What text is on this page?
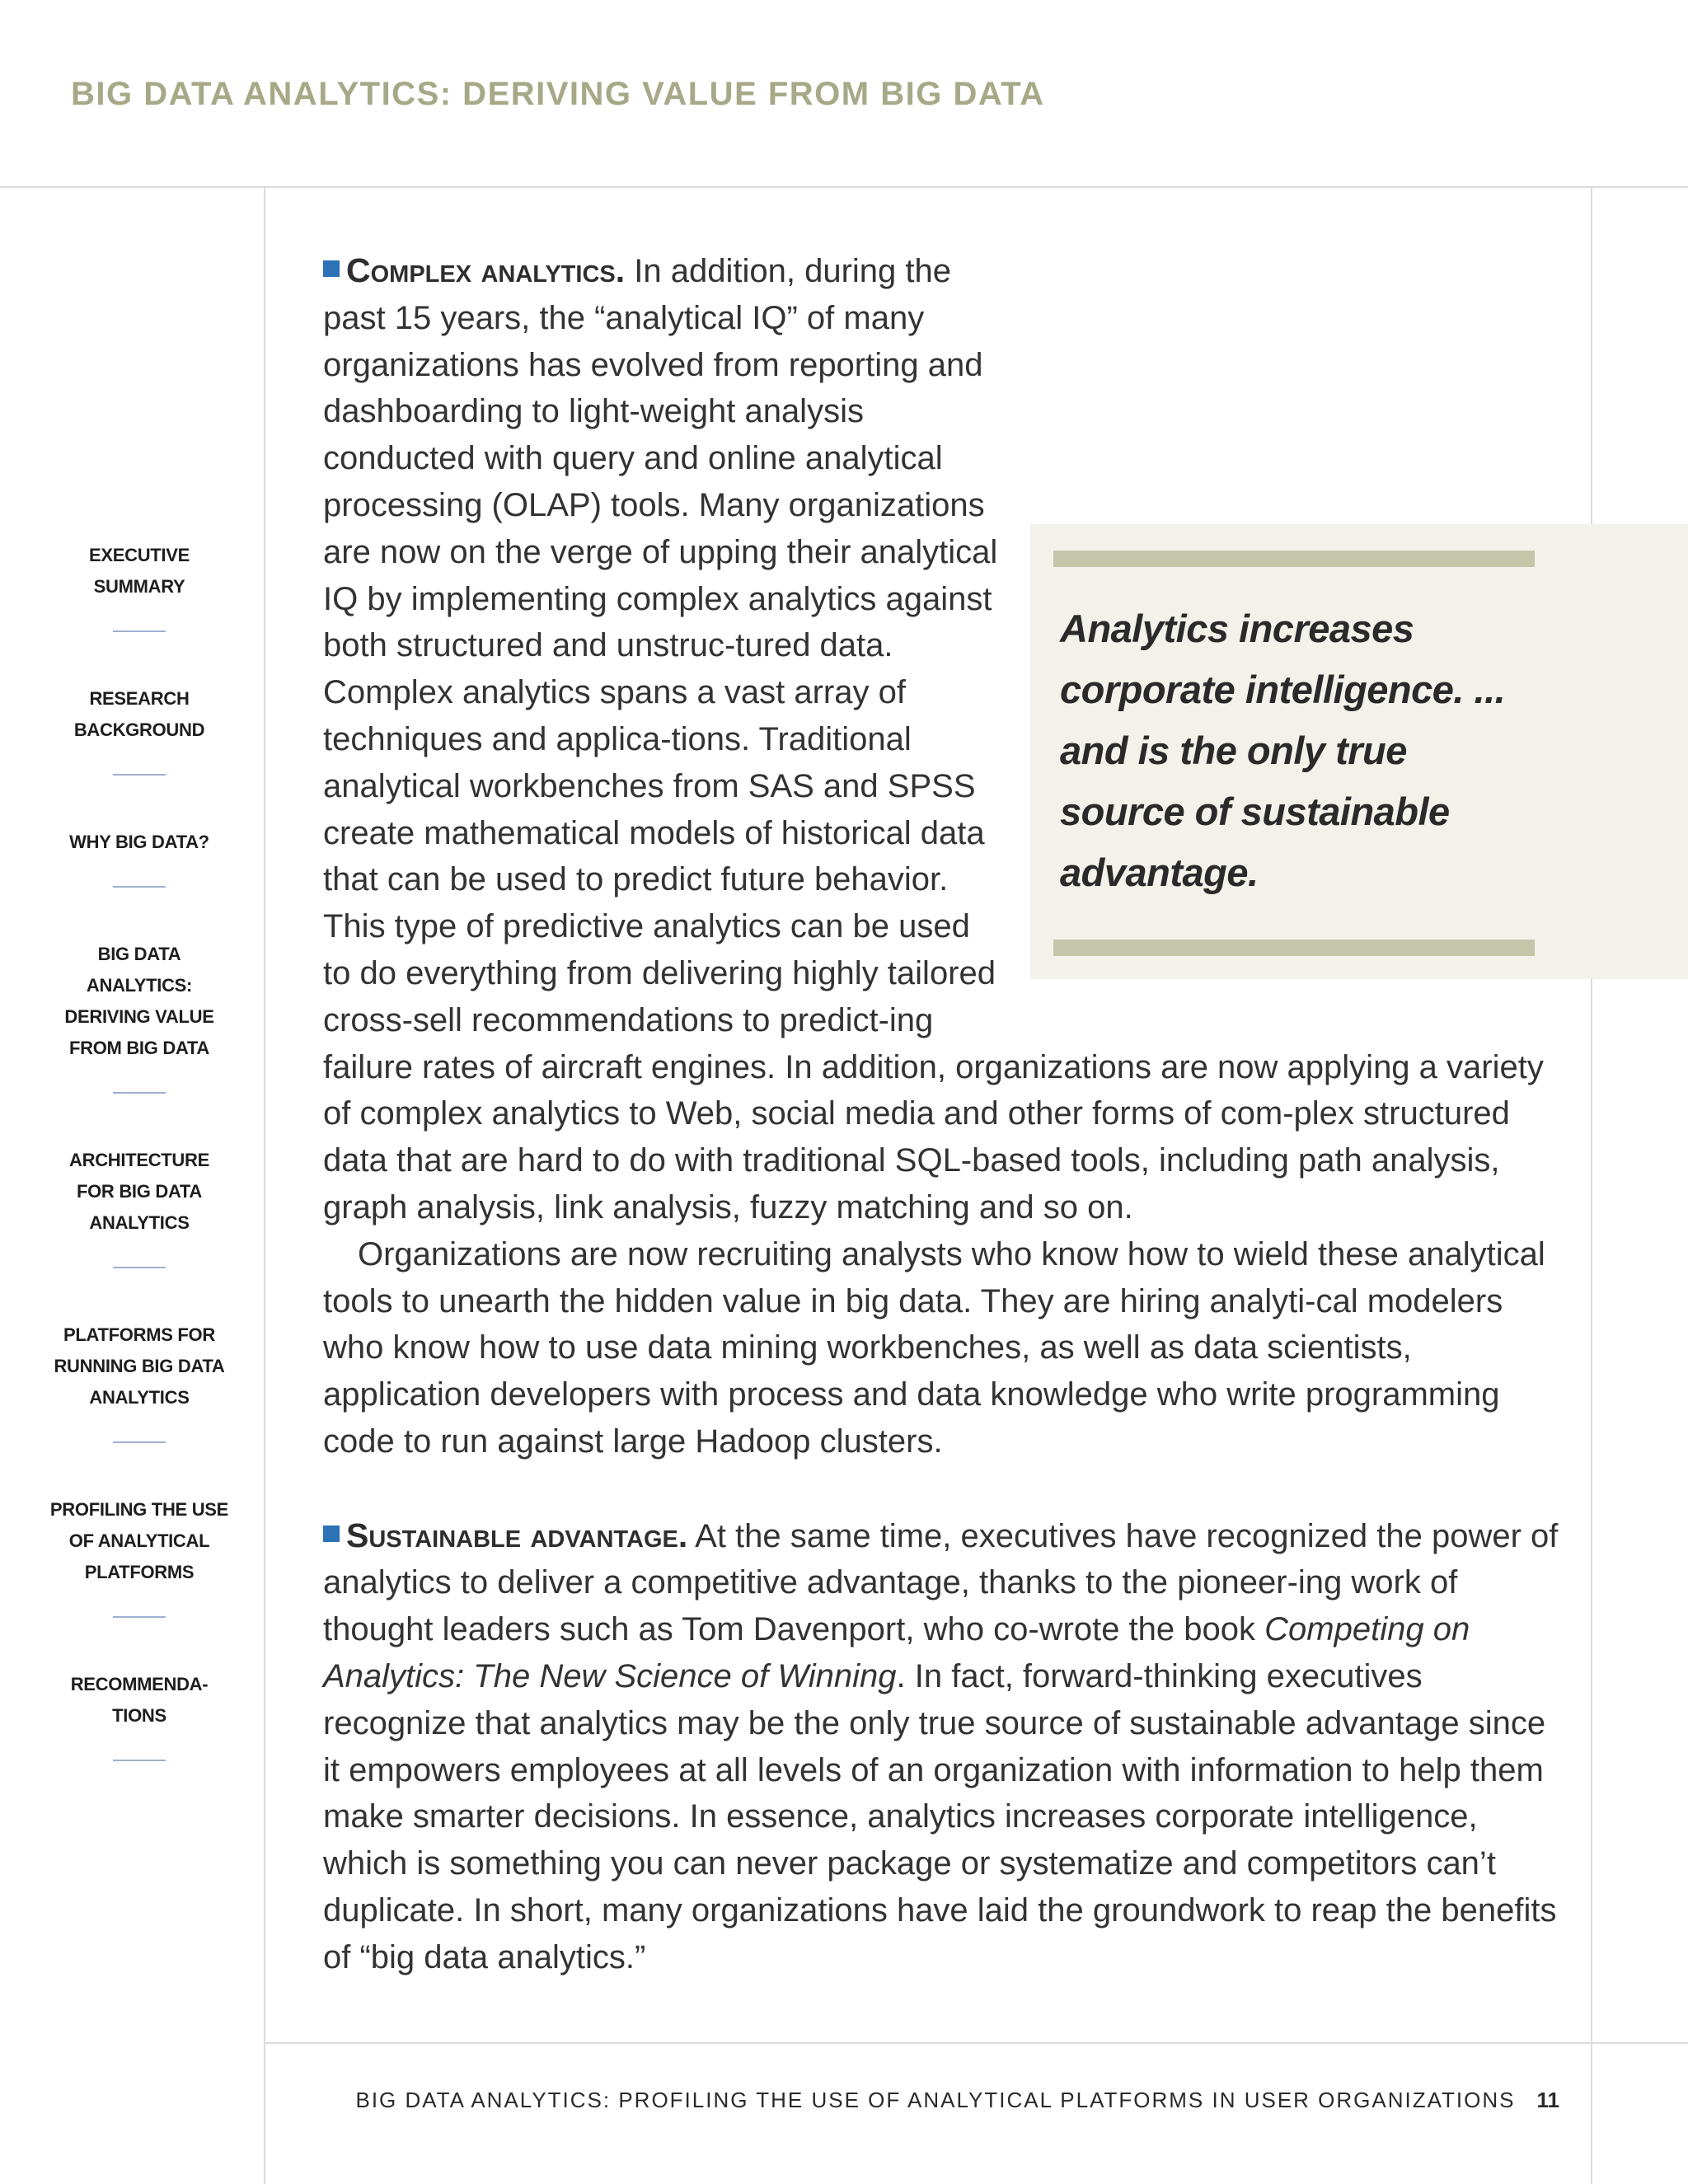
BIG DATA ANALYTICS: DERIVING VALUE FROM BIG DATA
EXECUTIVE
SUMMARY
RESEARCH
BACKGROUND
WHY BIG DATA?
BIG DATA
ANALYTICS:
DERIVING VALUE
FROM BIG DATA
ARCHITECTURE
FOR BIG DATA
ANALYTICS
PLATFORMS FOR
RUNNING BIG DATA
ANALYTICS
PROFILING THE USE
OF ANALYTICAL
PLATFORMS
RECOMMENDA-
TIONS
Analytics increases corporate intelligence. ... and is the only true source of sustainable advantage.

Complex analytics. In addition, during the past 15 years, the “analytical IQ” of many organizations has evolved from reporting and dashboarding to light-weight analysis conducted with query and online analytical processing (OLAP) tools. Many organizations are now on the verge of upping their analytical IQ by implementing complex analytics against both structured and unstruc-tured data. Complex analytics spans a vast array of techniques and applica-tions. Traditional analytical workbenches from SAS and SPSS create mathematical models of historical data that can be used to predict future behavior. This type of predictive analytics can be used to do everything from delivering highly tailored cross-sell recommendations to predict-ing failure rates of aircraft engines. In addition, organizations are now applying a variety of complex analytics to Web, social media and other forms of com-plex structured data that are hard to do with traditional SQL-based tools, including path analysis, graph analysis, link analysis, fuzzy matching and so on.

Organizations are now recruiting analysts who know how to wield these analytical tools to unearth the hidden value in big data. They are hiring analyti-cal modelers who know how to use data mining workbenches, as well as data scientists, application developers with process and data knowledge who write programming code to run against large Hadoop clusters.

Sustainable advantage. At the same time, executives have recognized the power of analytics to deliver a competitive advantage, thanks to the pioneer-ing work of thought leaders such as Tom Davenport, who co-wrote the book Competing on Analytics: The New Science of Winning. In fact, forward-thinking executives recognize that analytics may be the only true source of sustainable advantage since it empowers employees at all levels of an organization with information to help them make smarter decisions. In essence, analytics increases corporate intelligence, which is something you can never package or systematize and competitors can’t duplicate. In short, many organizations have laid the groundwork to reap the benefits of “big data analytics.”

BIG DATA ANALYTICS: PROFILING THE USE OF ANALYTICAL PLATFORMS IN USER ORGANIZATIONS 11
